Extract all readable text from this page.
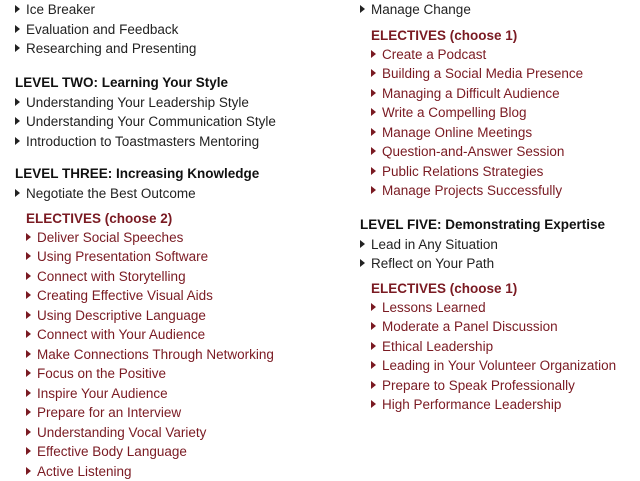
Ice Breaker
Evaluation and Feedback
Researching and Presenting
LEVEL TWO: Learning Your Style
Understanding Your Leadership Style
Understanding Your Communication Style
Introduction to Toastmasters Mentoring
LEVEL THREE: Increasing Knowledge
Negotiate the Best Outcome
ELECTIVES (choose 2)
Deliver Social Speeches
Using Presentation Software
Connect with Storytelling
Creating Effective Visual Aids
Using Descriptive Language
Connect with Your Audience
Make Connections Through Networking
Focus on the Positive
Inspire Your Audience
Prepare for an Interview
Understanding Vocal Variety
Effective Body Language
Active Listening
Manage Change
ELECTIVES (choose 1)
Create a Podcast
Building a Social Media Presence
Managing a Difficult Audience
Write a Compelling Blog
Manage Online Meetings
Question-and-Answer Session
Public Relations Strategies
Manage Projects Successfully
LEVEL FIVE: Demonstrating Expertise
Lead in Any Situation
Reflect on Your Path
ELECTIVES (choose 1)
Lessons Learned
Moderate a Panel Discussion
Ethical Leadership
Leading in Your Volunteer Organization
Prepare to Speak Professionally
High Performance Leadership
